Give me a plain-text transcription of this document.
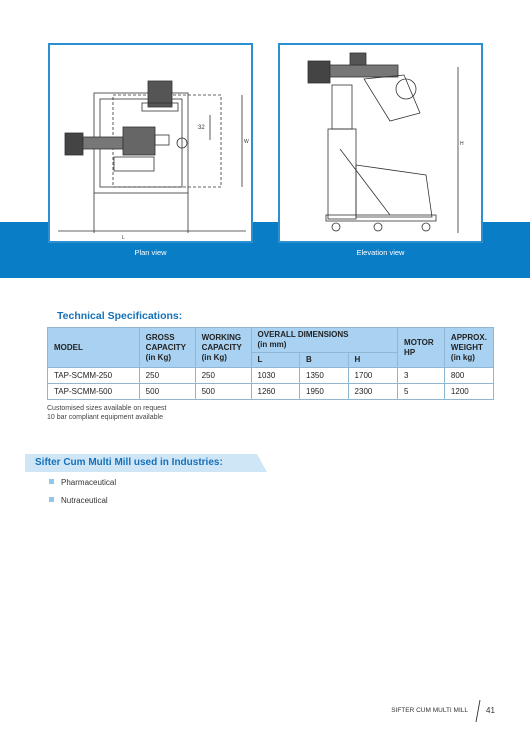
32
W
L
Plan view
H
Elevation view
Technical Specifications:
MODEL	GROSS
CAPACITY
(in Kg)	WORKING
CAPACITY
(in Kg)	OVERALL DIMENSIONS
(in mm)			MOTOR
HP	APPROX.
WEIGHT
(in kg)
			L	B	H		
TAP-SCMM-250	250	250	1030	1350	1700	3	800
TAP-SCMM-500	500	500	1260	1950	2300	5	1200
Customised sizes available on request
10 bar compliant equipment available
Sifter Cum Multi Mill used in Industries:
Pharmaceutical
Nutraceutical
SIFTER CUM MULTI MILL 41
